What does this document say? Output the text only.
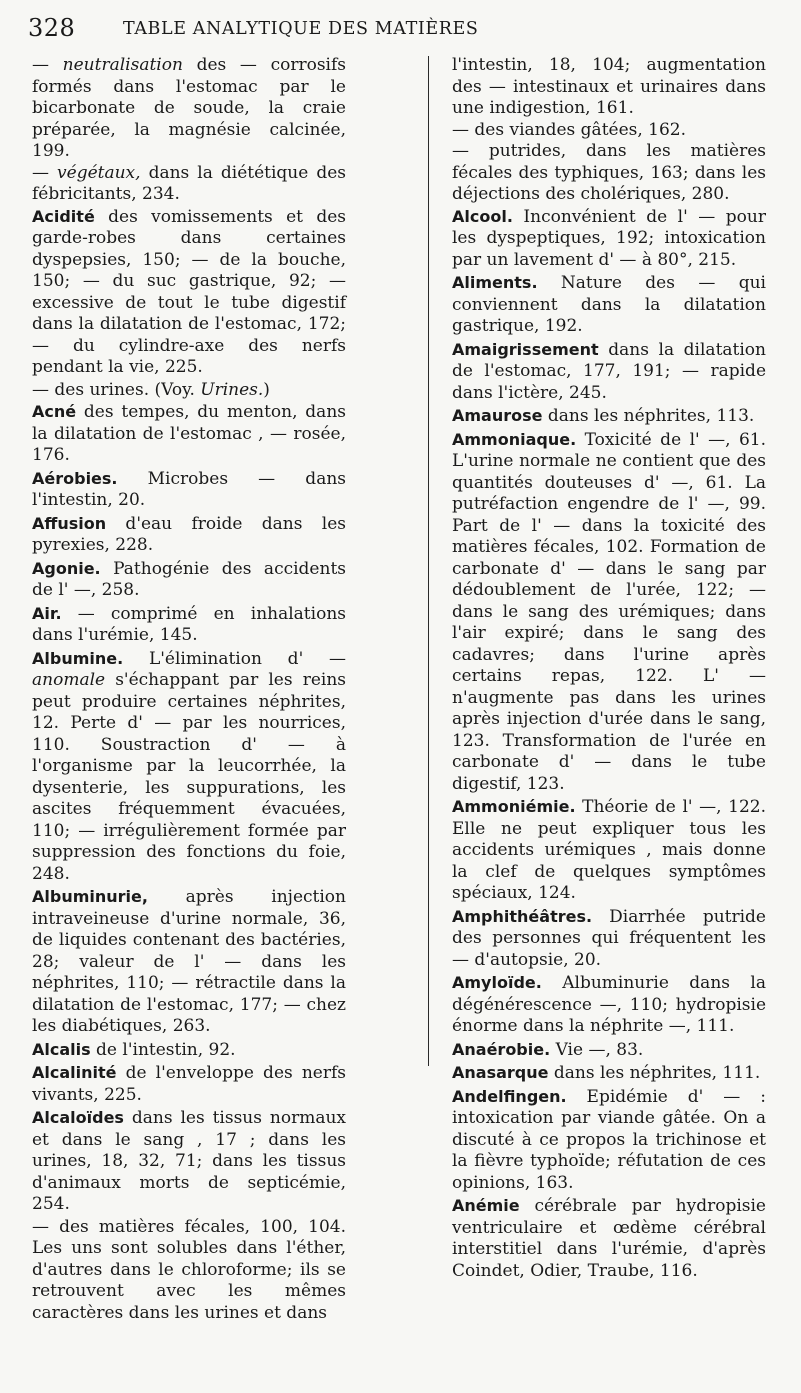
328	TABLE ANALYTIQUE DES MATIÈRES

— neutralisation des — corrosifs formés dans l'estomac par le bicarbonate de soude, la craie préparée, la magnésie calcinée, 199.

— végétaux, dans la diététique des fébricitants, 234.

Acidité des vomissements et des garde-robes dans certaines dyspepsies, 150; — de la bouche, 150; — du suc gastrique, 92; — excessive de tout le tube digestif dans la dilatation de l'estomac, 172; — du cylindre-axe des nerfs pendant la vie, 225.

— des urines. (Voy. Urines.)

Acné des tempes, du menton, dans la dilatation de l'estomac , — rosée, 176.

Aérobies. Microbes — dans l'intestin, 20.

Affusion d'eau froide dans les pyrexies, 228.

Agonie. Pathogénie des accidents de l' —, 258.

Air. — comprimé en inhalations dans l'urémie, 145.

Albumine. L'élimination d' — anomale s'échappant par les reins peut produire certaines néphrites, 12. Perte d' — par les nourrices, 110. Soustraction d' — à l'organisme par la leucorrhée, la dysenterie, les suppurations, les ascites fréquemment évacuées, 110; — irrégulièrement formée par suppression des fonctions du foie, 248.

Albuminurie, après injection intraveineuse d'urine normale, 36, de liquides contenant des bactéries, 28; valeur de l' — dans les néphrites, 110; — rétractile dans la dilatation de l'estomac, 177; — chez les diabétiques, 263.

Alcalis de l'intestin, 92.

Alcalinité de l'enveloppe des nerfs vivants, 225.

Alcaloïdes dans les tissus normaux et dans le sang , 17 ; dans les urines, 18, 32, 71; dans les tissus d'animaux morts de septicémie, 254.

— des matières fécales, 100, 104. Les uns sont solubles dans l'éther, d'autres dans le chloroforme; ils se retrouvent avec les mêmes caractères dans les urines et dans

l'intestin, 18, 104; augmentation des — intestinaux et urinaires dans une indigestion, 161.

— des viandes gâtées, 162.

— putrides, dans les matières fécales des typhiques, 163; dans les déjections des cholériques, 280.

Alcool. Inconvénient de l' — pour les dyspeptiques, 192; intoxication par un lavement d' — à 80°, 215.

Aliments. Nature des — qui conviennent dans la dilatation gastrique, 192.

Amaigrissement dans la dilatation de l'estomac, 177, 191; — rapide dans l'ictère, 245.

Amaurose dans les néphrites, 113.

Ammoniaque. Toxicité de l' —, 61. L'urine normale ne contient que des quantités douteuses d' —, 61. La putréfaction engendre de l' —, 99. Part de l' — dans la toxicité des matières fécales, 102. Formation de carbonate d' — dans le sang par dédoublement de l'urée, 122; — dans le sang des urémiques; dans l'air expiré; dans le sang des cadavres; dans l'urine après certains repas, 122. L' — n'augmente pas dans les urines après injection d'urée dans le sang, 123. Transformation de l'urée en carbonate d' — dans le tube digestif, 123.

Ammoniémie. Théorie de l' —, 122. Elle ne peut expliquer tous les accidents urémiques , mais donne la clef de quelques symptômes spéciaux, 124.

Amphithéâtres. Diarrhée putride des personnes qui fréquentent les — d'autopsie, 20.

Amyloïde. Albuminurie dans la dégénérescence —, 110; hydropisie énorme dans la néphrite —, 111.

Anaérobie. Vie —, 83.

Anasarque dans les néphrites, 111.

Andelfingen. Epidémie d' — : intoxication par viande gâtée. On a discuté à ce propos la trichinose et la fièvre typhoïde; réfutation de ces opinions, 163.

Anémie cérébrale par hydropisie ventriculaire et œdème cérébral interstitiel dans l'urémie, d'après Coindet, Odier, Traube, 116.
